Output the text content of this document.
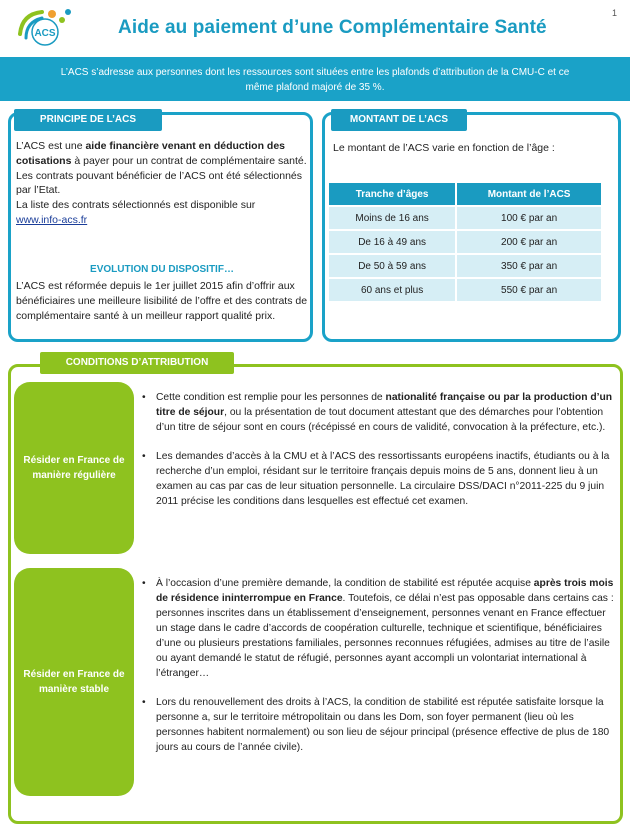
ACS	Aide au paiement d’une Complémentaire Santé
1
L’ACS s’adresse aux personnes dont les ressources sont situées entre les plafonds d’attribution de la CMU-C et ce
même plafond majoré de 35 %.
PRINCIPE DE L’ACS

L’ACS est une aide financière venant en déduction des cotisations à payer pour un contrat de complémentaire santé.

Les contrats pouvant bénéficier de l’ACS ont été sélectionnés par l’Etat.

La liste des contrats sélectionnés est disponible sur

www.info-acs.fr

EVOLUTION DU DISPOSITIF…
L’ACS est réformée depuis le 1er juillet 2015 afin d’offrir aux bénéficiaires une meilleure lisibilité de l’offre et des contrats de complémentaire santé à un meilleur rapport qualité prix.
MONTANT DE L’ACS
Le montant de l’ACS varie en fonction de l’âge :
Tranche d’âges	Montant de l’ACS
Moins de 16 ans	100 € par an
De 16 à 49 ans	200 € par an
De 50 à 59 ans	350 € par an
60 ans et plus	550 € par an
CONDITIONS D’ATTRIBUTION
Résider en France de manière régulière
• Cette condition est remplie pour les personnes de nationalité française ou par la production d’un titre de séjour, ou la présentation de tout document attestant que des démarches pour l’obtention d’un titre de séjour sont en cours (récépissé en cours de validité, convocation à la préfecture, etc.).
• Les demandes d’accès à la CMU et à l’ACS des ressortissants européens inactifs, étudiants ou à la recherche d’un emploi, résidant sur le territoire français depuis moins de 5 ans, donnent lieu à un examen au cas par cas de leur situation personnelle. La circulaire DSS/DACI n°2011-225 du 9 juin 2011 précise les conditions dans lesquelles est effectué cet examen.
Résider en France de manière stable
• À l’occasion d’une première demande, la condition de stabilité est réputée acquise après trois mois de résidence ininterrompue en France. Toutefois, ce délai n’est pas opposable dans certains cas : personnes inscrites dans un établissement d’enseignement, personnes venant en France effectuer un stage dans le cadre d’accords de coopération culturelle, technique et scientifique, bénéficiaires d’une ou plusieurs prestations familiales, personnes reconnues réfugiées, admises au titre de l’asile ou ayant demandé le statut de réfugié, personnes ayant accompli un volontariat international à l’étranger…
• Lors du renouvellement des droits à l’ACS, la condition de stabilité est réputée satisfaite lorsque la personne a, sur le territoire métropolitain ou dans les Dom, son foyer permanent (lieu où les personnes habitent normalement) ou son lieu de séjour principal (présence effective de plus de 180 jours au cours de l’année civile).
